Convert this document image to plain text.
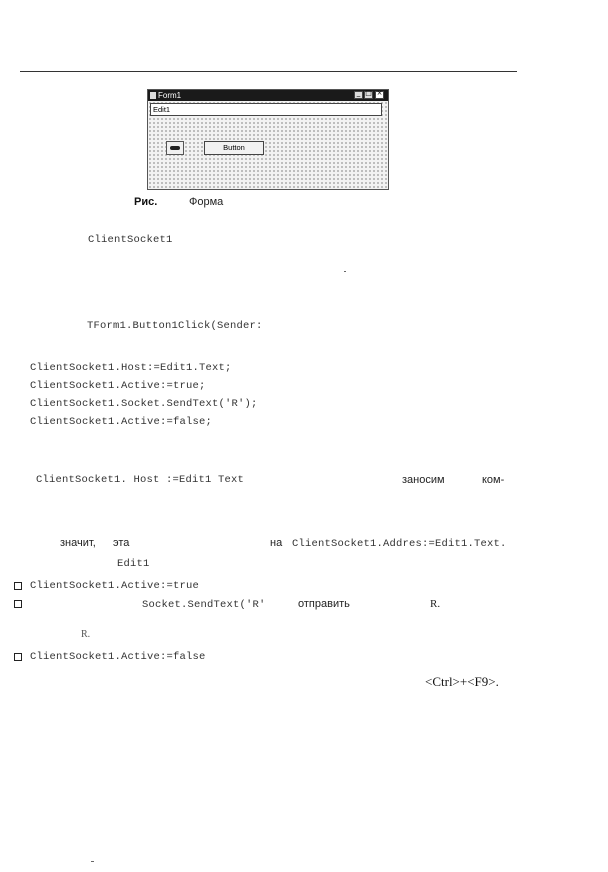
Form1	_ □ ×
Edit1
Button
Рис.	Форма
ClientSocket1
TForm1.Button1Click(Sender:
ClientSocket1.Host:=Edit1.Text;
ClientSocket1.Active:=true;
ClientSocket1.Socket.SendText('R');
ClientSocket1.Active:=false;
ClientSocket1. Host :=Edit1 Text	заносим	ком-
значит, эта	на ClientSocket1.Addres:=Edit1.Text.
Edit1
ClientSocket1.Active:=true
Socket.SendText('R'	отправить	R.
R.
ClientSocket1.Active:=false
<Ctrl>+<F9>.
